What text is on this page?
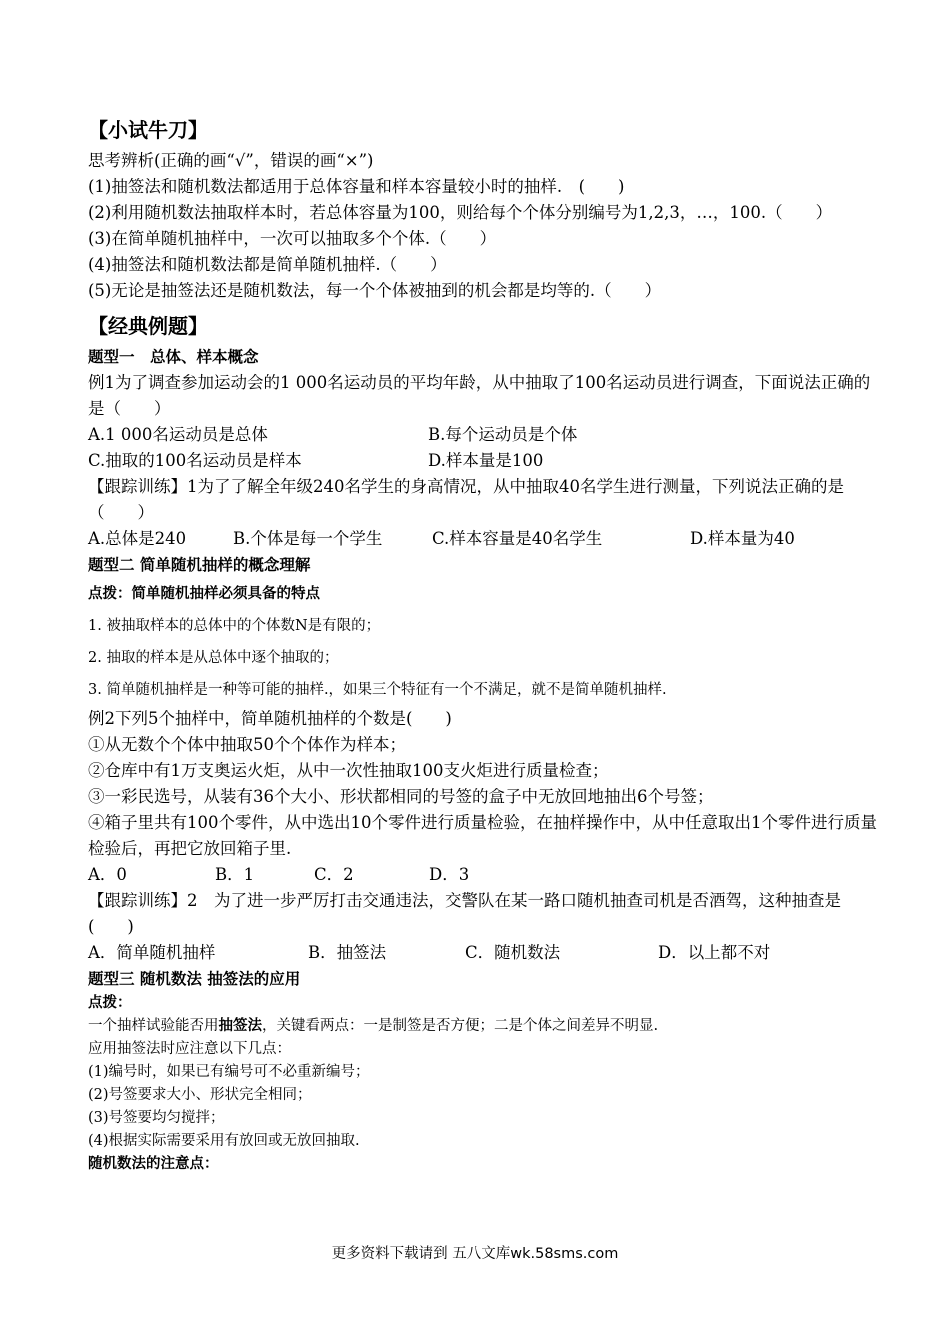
【小试牛刀】

思考辨析(正确的画“√”，错误的画“×”)

(1)抽签法和随机数法都适用于总体容量和样本容量较小时的抽样.　(　　)

(2)利用随机数法抽取样本时，若总体容量为100，则给每个个体分别编号为1,2,3，…，100.（　　）

(3)在简单随机抽样中，一次可以抽取多个个体.（　　）

(4)抽签法和随机数法都是简单随机抽样.（　　）

(5)无论是抽签法还是随机数法，每一个个体被抽到的机会都是均等的.（　　）

【经典例题】

题型一　总体、样本概念

例1为了调查参加运动会的1 000名运动员的平均年龄，从中抽取了100名运动员进行调查，下面说法正确的是（　　）

A.1 000名运动员是总体	B.每个运动员是个体
C.抽取的100名运动员是样本	D.样本量是100

【跟踪训练】1为了了解全年级240名学生的身高情况，从中抽取40名学生进行测量，下列说法正确的是（　　）

A.总体是240	B.个体是每一个学生	C.样本容量是40名学生	D.样本量为40

题型二 简单随机抽样的概念理解

点拨：简单随机抽样必须具备的特点

1. 被抽取样本的总体中的个体数N是有限的；

2. 抽取的样本是从总体中逐个抽取的；

3. 简单随机抽样是一种等可能的抽样.，如果三个特征有一个不满足，就不是简单随机抽样.

例2下列5个抽样中，简单随机抽样的个数是(　　)

①从无数个个体中抽取50个个体作为样本；

②仓库中有1万支奥运火炬，从中一次性抽取100支火炬进行质量检查；

③一彩民选号，从装有36个大小、形状都相同的号签的盒子中无放回地抽出6个号签；

④箱子里共有100个零件，从中选出10个零件进行质量检验，在抽样操作中，从中任意取出1个零件进行质量检验后，再把它放回箱子里.

A．0	B．1	C．2	D．3

【跟踪训练】2　为了进一步严厉打击交通违法，交警队在某一路口随机抽查司机是否酒驾，这种抽查是(　　)

A．简单随机抽样	B．抽签法	C．随机数法	D．以上都不对

题型三 随机数法 抽签法的应用

点拨：

一个抽样试验能否用抽签法，关键看两点：一是制签是否方便；二是个体之间差异不明显.

应用抽签法时应注意以下几点：

(1)编号时，如果已有编号可不必重新编号；

(2)号签要求大小、形状完全相同；

(3)号签要均匀搅拌；

(4)根据实际需要采用有放回或无放回抽取.

随机数法的注意点：

更多资料下载请到 五八文库wk.58sms.com
